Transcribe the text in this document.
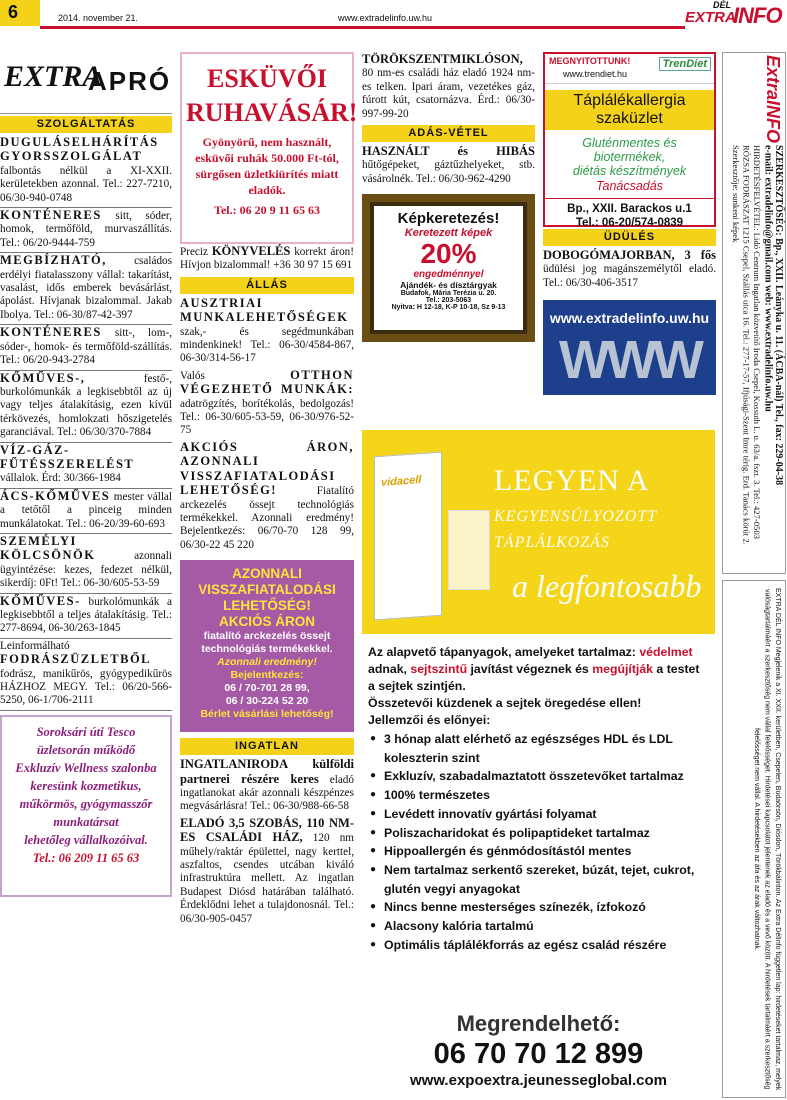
6	2014. november 21.	www.extradelinfo.uw.hu
DÉL
EXTRA
INFO
EXTRA
APRÓ
SZOLGÁLTATÁS
DUGULÁSELHÁRÍTÁS GYORSSZOLGÁLAT falbontás nélkül a XI-XXII. kerületekben azonnal. Tel.: 227-7210, 06/30-940-0748
KONTÉNERES sitt, sóder, homok, termőföld, murvaszállítás. Tel.: 06/20-9444-759
MEGBÍZHATÓ, családos erdélyi fiatalasszony vállal: takarítást, vasalást, idős emberek bevásárlást, ápolást. Hívjanak bizalommal. Jakab Ibolya. Tel.: 06-30/87-42-397
KONTÉNERES sitt-, lom-, sóder-, homok- és termőföld-szállítás. Tel.: 06/20-943-2784
KŐMŰVES-, festő-, burkolómunkák a legkisebbtől az új vagy teljes átalakításig, ezen kívül térkövezés, homlokzati hőszigetelés garanciával. Tel.: 06/30/370-7884
VÍZ-GÁZ-FŰTÉSSZERELÉST vállalok. Érd: 30/366-1984
ÁCS-KŐMŰVES mester vállal a tetőtől a pinceig minden munkálatokat. Tel.: 06-20/39-60-693
SZEMÉLYI KÖLCSÖNÖK azonnali ügyintézése: kezes, fedezet nélkül, sikerdíj: 0Ft! Tel.: 06-30/605-53-59
KŐMŰVES- burkolómunkák a legkisebbtől a teljes átalakításig. Tel.: 277-8694, 06-30/263-1845
Leinformálható FODRÁSZÜZLETBŐL fodrász, manikűrös, gyógypedikűrös HÁZHOZ MEGY. Tel.: 06/20-566-5250, 06-1/706-2111
Soroksári úti Tesco
üzletsorán működő
Exkluzív Wellness szalonba
keresünk kozmetikus,
műkörmös, gyógymasszőr
munkatársat
lehetőleg vállalkozóival.
Tel.: 06 209 11 65 63
ESKÜVŐI
RUHAVÁSÁR!
Gyönyörű, nem használt, esküvői ruhák 50.000 Ft-tól, sürgősen üzletkiürítés miatt eladók.
Tel.: 06 20 9 11 65 63
Preciz KÖNYVELÉS korrekt áron! Hívjon bizalommal! +36 30 97 15 691
ÁLLÁS
AUSZTRIAI MUNKALEHETŐSÉGEK szak,- és segédmunkában mindenkinek! Tel.: 06-30/4584-867, 06-30/314-56-17
Valós OTTHON VÉGEZHETŐ MUNKÁK: adatrögzítés, borítékolás, bedolgozás! Tel.: 06-30/605-53-59, 06-30/976-52-75
AKCIÓS ÁRON, AZONNALI VISSZAFIATALODÁSI LEHETŐSÉG! Fiatalító arckezelés össejt technológiás termékekkel. Azonnali eredmény! Bejelentkezés: 06/70-70 128 99, 06/30-22 45 220
AZONNALI
VISSZAFIATALODÁSI
LEHETŐSÉG!
AKCIÓS ÁRON
fiatalító arckezelés össejt technológiás termékekkel.
Azonnali eredmény!
Bejelentkezés:
06 / 70-701 28 99,
06 / 30-224 52 20
Bérlet vásárlási lehetőség!
INGATLAN
INGATLANIRODA külföldi partnerei részére keres eladó ingatlanokat akár azonnali készpénzes megvásárlásra! Tel.: 06-30/988-66-58
ELADÓ 3,5 SZOBÁS, 110 NM-ES CSALÁDI HÁZ, 120 nm műhely/raktár épülettel, nagy kerttel, aszfaltos, csendes utcában kiváló infrastruktúra mellett. Az ingatlan Budapest Diósd határában található. Érdeklődni lehet a tulajdonosnál. Tel.: 06/30-905-0457
TÖRÖKSZENTMIKLÓSON, 80 nm-es családi ház eladó 1924 nm-es telken. Ipari áram, vezetékes gáz, fúrott kút, csatornázva. Érd.: 06/30-997-99-20
ADÁS-VÉTEL
HASZNÁLT és HIBÁS hűtőgépeket, gáztűzhelyeket, stb. vásárolnék. Tel.: 06/30-962-4290
Képkeretezés!
Keretezett képek
20%
engedménnyel
Ajándék- és dísztárgyak
Budafok, Mária Terézia u. 20.
Tel.: 203-5063
Nyitva: H 12-18, K-P 10-18, Sz 9-13
MEGNYITOTTUNK!
www.trendiet.hu
TrenDiet
Táplálékallergia
szaküzlet
Gluténmentes és
biotermékek,
diétás készítmények
Tanácsadás
Bp., XXII. Barackos u.1
Tel.: 06-20/574-0839
ÜDÜLÉS
DOBOGÓMAJORBAN, 3 fős üdülési jog magánszemélytől eladó. Tel.: 06/30-406-3517
www.extradelinfo.uw.hu
WWW
vidacell LEGYEN A
KEGYENSÚLYOZOTT
TÁPLÁLKOZÁS
a legfontosabb
Az alapvető tápanyagok, amelyeket tartalmaz: védelmet adnak, sejtszintű javítást végeznek és megújítják a testet a sejtek szintjén.
Összetevői küzdenek a sejtek öregedése ellen!
Jellemzői és előnyei:
● 3 hónap alatt elérhető az egészséges HDL és LDL koleszterin szint
● Exkluzív, szabadalmaztatott összetevőket tartalmaz
● 100% természetes
● Levédett innovatív gyártási folyamat
● Poliszacharidokat és polipaptideket tartalmaz
● Hippoallergén és génmódosítástól mentes
● Nem tartalmaz serkentő szereket, búzát, tejet, cukrot, glutén vegyi anyagokat
● Nincs benne mesterséges színezék, ízfokozó
● Alacsony kalória tartalmú
● Optimális táplálékforrás az egész család részére
Megrendelhető:
06 70 70 12 899
www.expoextra.jeunesseglobal.com
ExtraINFO
SZERKESZTŐSÉG: Bp., XXII. Leányka u. 11. (ÁCBA-nál) Tel., fax: 229-04-38
e-mail: extradelinfo@gmail.com web: www.extradelinfo.uw.hu
HIRDETÉSFELVÉTEL: Lidó Centrum Ingatlan közvetítő Iroda Csepel, Kossuth L. u. 63/a. fszt. 3. Tel.: 427-0503
RÓZSA FODRÁSZAT 1215 Csepel, Szállás utca 16. Tel.: 277-17-57, Ifjúsági-Szent Imre térig. Erd. Tanács körút 2. Szerkesztője: sunkeni képek
EXTRA DÉL INFO Megjelenik a XI. XXII. kerületben, Csepelen, Budaörsön, Diósdon, Törökbálinton. Az Extra DélInfo független lap: hirdetéseket tartalmaz, melyek valóságtartalmáért a szerkesztőség nem vállal felelősséget. Hirdetései kapcsolatot jelentenek az eladó és a vevő között. A hirdetések tartalmáért a szerkesztőség felelősséget nem vállal. A hirdetésekben az áfa és az árak változhatnak.
